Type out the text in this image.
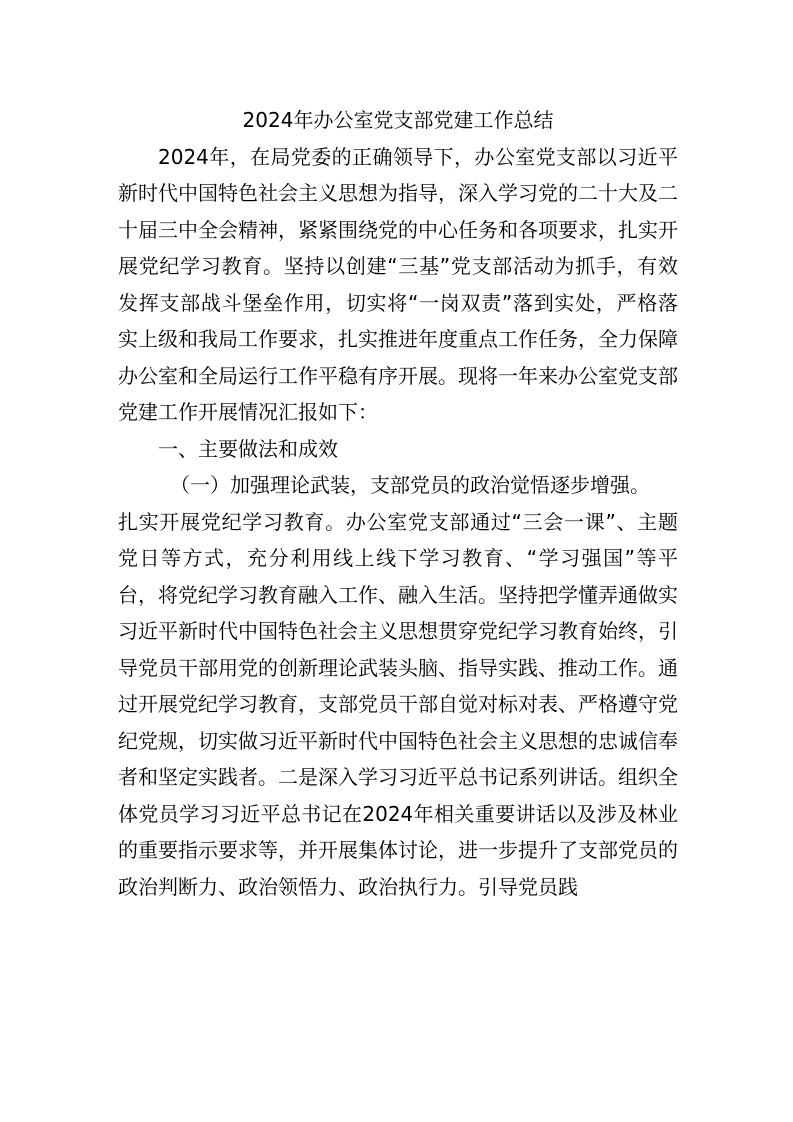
2024年办公室党支部党建工作总结

2024年，在局党委的正确领导下，办公室党支部以习近平新时代中国特色社会主义思想为指导，深入学习党的二十大及二十届三中全会精神，紧紧围绕党的中心任务和各项要求，扎实开展党纪学习教育。坚持以创建“三基”党支部活动为抓手，有效发挥支部战斗堡垒作用，切实将“一岗双责”落到实处，严格落实上级和我局工作要求，扎实推进年度重点工作任务，全力保障办公室和全局运行工作平稳有序开展。现将一年来办公室党支部党建工作开展情况汇报如下：

一、主要做法和成效

（一）加强理论武装，支部党员的政治觉悟逐步增强。

扎实开展党纪学习教育。办公室党支部通过“三会一课”、主题党日等方式，充分利用线上线下学习教育、“学习强国”等平台，将党纪学习教育融入工作、融入生活。坚持把学懂弄通做实习近平新时代中国特色社会主义思想贯穿党纪学习教育始终，引导党员干部用党的创新理论武装头脑、指导实践、推动工作。通过开展党纪学习教育，支部党员干部自觉对标对表、严格遵守党纪党规，切实做习近平新时代中国特色社会主义思想的忠诚信奉者和坚定实践者。二是深入学习习近平总书记系列讲话。组织全体党员学习习近平总书记在2024年相关重要讲话以及涉及林业的重要指示要求等，并开展集体讨论，进一步提升了支部党员的政治判断力、政治领悟力、政治执行力。引导党员践
